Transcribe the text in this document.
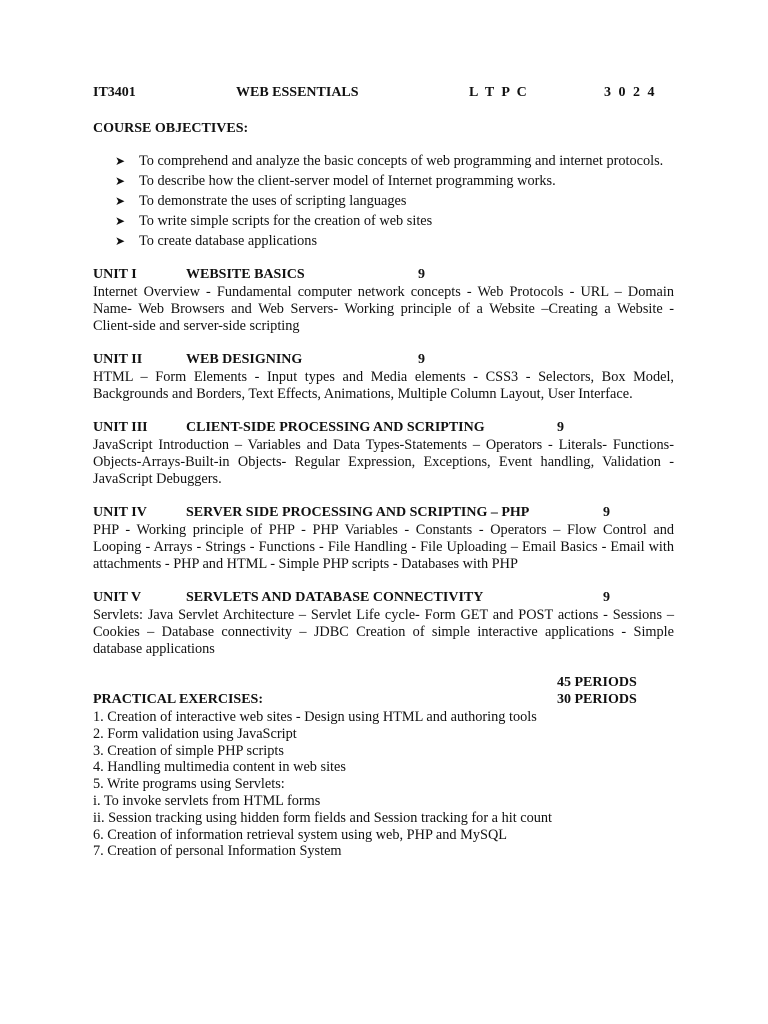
IT3401	WEB ESSENTIALS	L T P C	3 0 2 4
COURSE OBJECTIVES:
➤ To comprehend and analyze the basic concepts of web programming and internet protocols.
➤ To describe how the client-server model of Internet programming works.
➤ To demonstrate the uses of scripting languages
➤ To write simple scripts for the creation of web sites
➤ To create database applications
UNIT I	WEBSITE BASICS	9
Internet Overview - Fundamental computer network concepts - Web Protocols - URL – Domain Name- Web Browsers and Web Servers- Working principle of a Website –Creating a Website - Client-side and server-side scripting
UNIT II	WEB DESIGNING	9
HTML – Form Elements - Input types and Media elements - CSS3 - Selectors, Box Model, Backgrounds and Borders, Text Effects, Animations, Multiple Column Layout, User Interface.
UNIT III	CLIENT-SIDE PROCESSING AND SCRIPTING	9
JavaScript Introduction – Variables and Data Types-Statements – Operators - Literals- Functions- Objects-Arrays-Built-in Objects- Regular Expression, Exceptions, Event handling, Validation - JavaScript Debuggers.
UNIT IV	SERVER SIDE PROCESSING AND SCRIPTING – PHP	9
PHP - Working principle of PHP - PHP Variables - Constants - Operators – Flow Control and Looping - Arrays - Strings - Functions - File Handling - File Uploading – Email Basics - Email with attachments - PHP and HTML - Simple PHP scripts - Databases with PHP
UNIT V	SERVLETS AND DATABASE CONNECTIVITY	9
Servlets: Java Servlet Architecture – Servlet Life cycle- Form GET and POST actions - Sessions – Cookies – Database connectivity – JDBC Creation of simple interactive applications - Simple database applications
45 PERIODS
PRACTICAL EXERCISES:	30 PERIODS
1. Creation of interactive web sites - Design using HTML and authoring tools
2. Form validation using JavaScript
3. Creation of simple PHP scripts
4. Handling multimedia content in web sites
5. Write programs using Servlets:
i. To invoke servlets from HTML forms
ii. Session tracking using hidden form fields and Session tracking for a hit count
6. Creation of information retrieval system using web, PHP and MySQL
7. Creation of personal Information System
